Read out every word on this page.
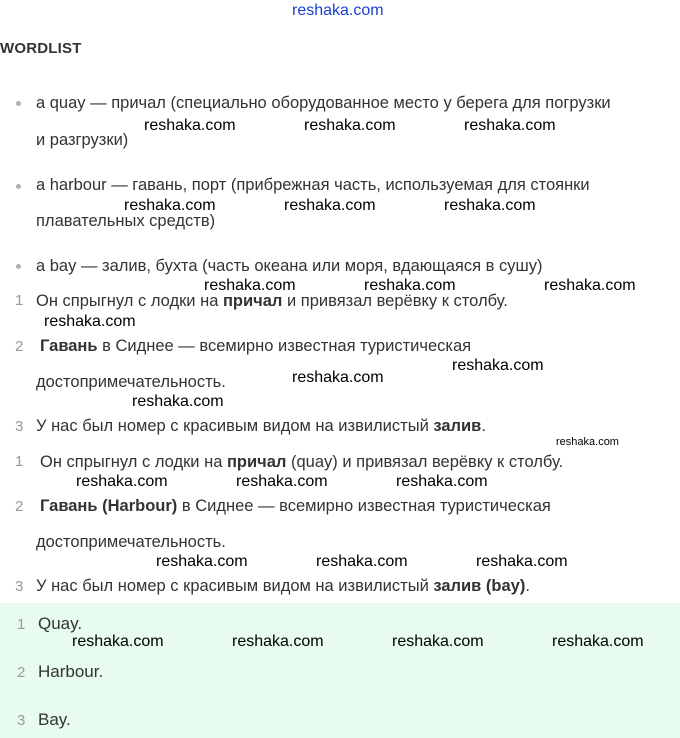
reshaka.com
WORDLIST
a quay — причал (специально оборудованное место у берега для погрузки
и разгрузки)
a harbour — гавань, порт (прибрежная часть, используемая для стоянки
плавательных средств)
a bay — залив, бухта (часть океана или моря, вдающаяся в сушу)
1 Он спрыгнул с лодки на причал и привязал верёвку к столбу.
2 Гавань в Сиднее — всемирно известная туристическая
достопримечательность.
3 У нас был номер с красивым видом на извилистый залив.
1 Он спрыгнул с лодки на причал (quay) и привязал верёвку к столбу.
2 Гавань (Harbour) в Сиднее — всемирно известная туристическая
достопримечательность.
3 У нас был номер с красивым видом на извилистый залив (bay).
1 Quay.
2 Harbour.
3 Bay.
reshaka.com	reshaka.com	reshaka.com
reshaka.com	reshaka.com	reshaka.com
reshaka.com	reshaka.com	reshaka.com
reshaka.com
reshaka.com
reshaka.com
reshaka.com
reshaka.com
reshaka.com	reshaka.com	reshaka.com
reshaka.com	reshaka.com	reshaka.com
reshaka.com	reshaka.com	reshaka.com	reshaka.com
